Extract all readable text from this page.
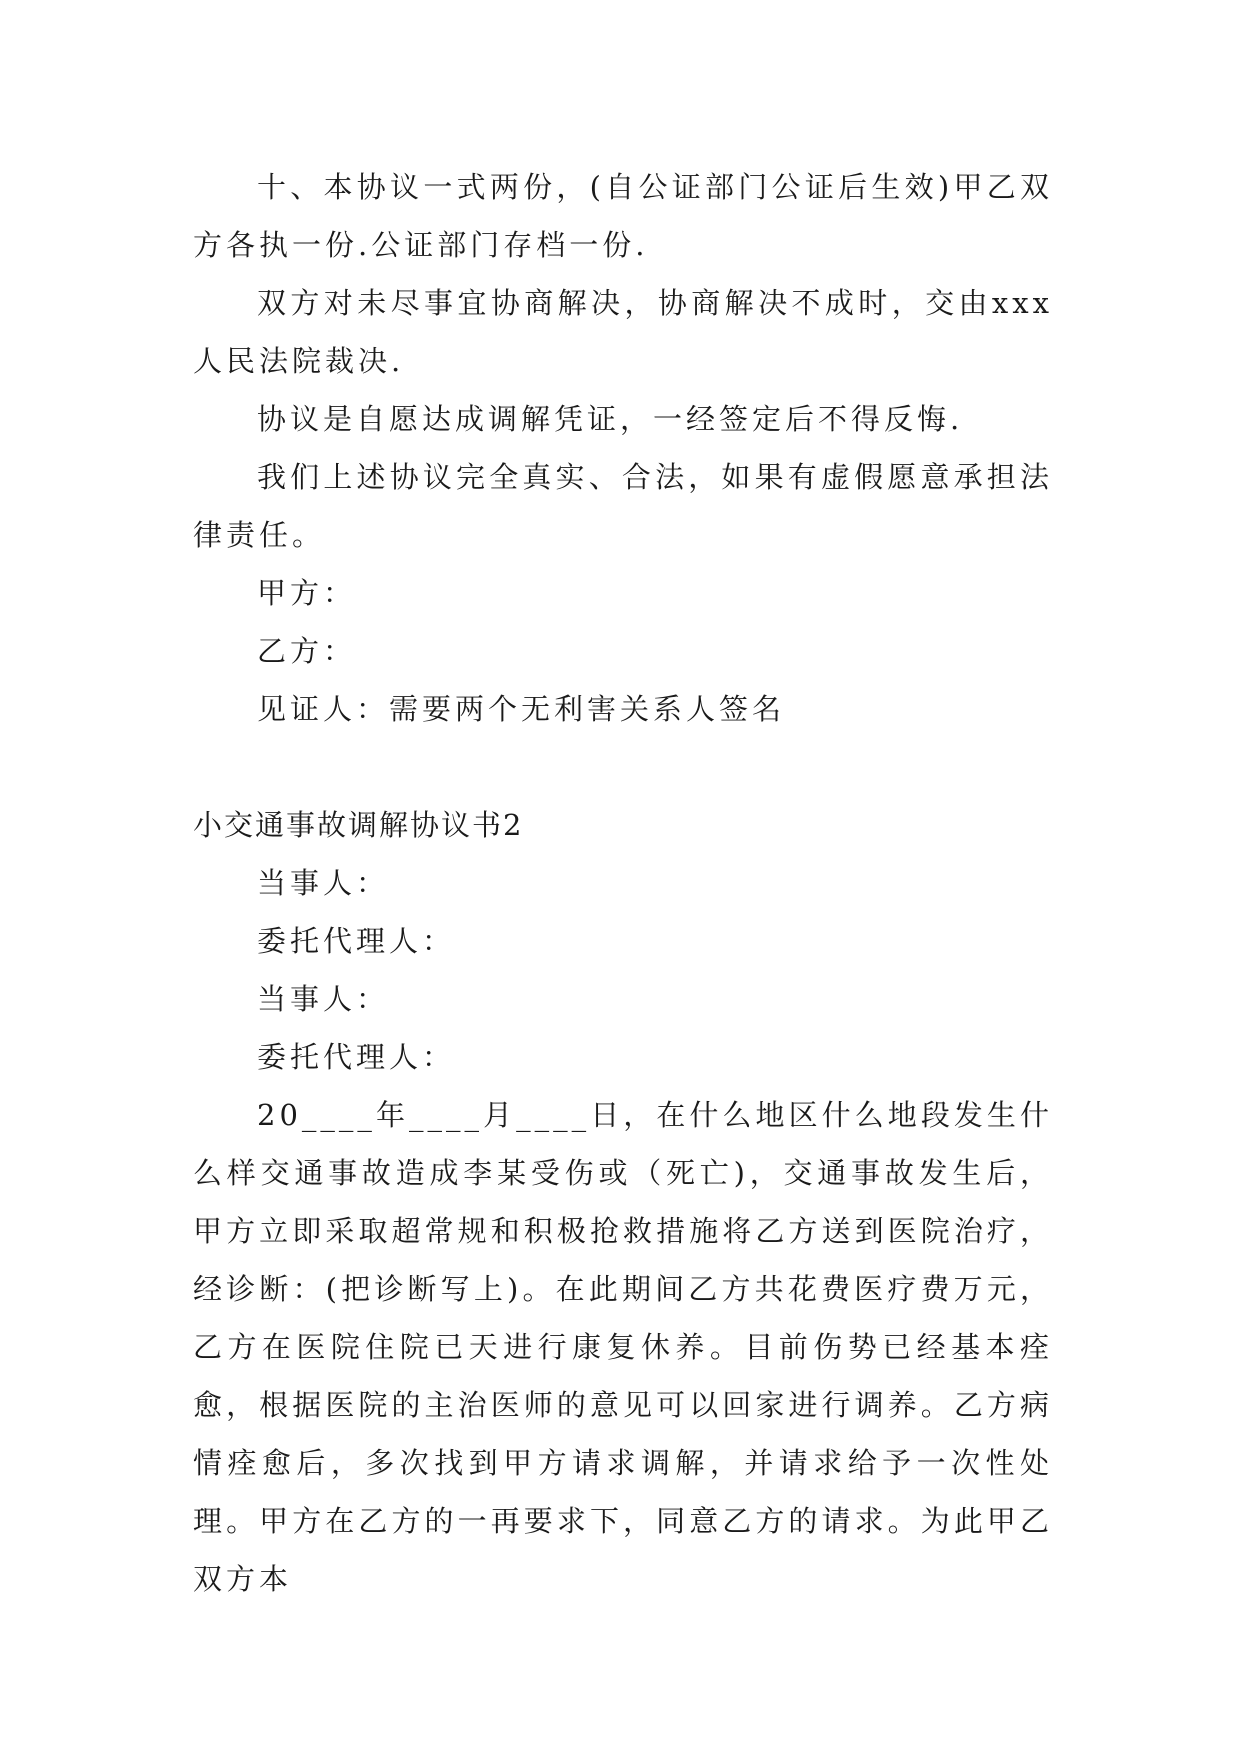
十、本协议一式两份，(自公证部门公证后生效)甲乙双方各执一份.公证部门存档一份.

双方对未尽事宜协商解决，协商解决不成时，交由xxx人民法院裁决.

协议是自愿达成调解凭证，一经签定后不得反悔.

我们上述协议完全真实、合法，如果有虚假愿意承担法律责任。

甲方：

乙方：

见证人：需要两个无利害关系人签名

小交通事故调解协议书2

当事人：

委托代理人：

当事人：

委托代理人：

20____年____月____日，在什么地区什么地段发生什么样交通事故造成李某受伤或（死亡)，交通事故发生后，甲方立即采取超常规和积极抢救措施将乙方送到医院治疗，经诊断：(把诊断写上)。在此期间乙方共花费医疗费万元，乙方在医院住院已天进行康复休养。目前伤势已经基本痊愈，根据医院的主治医师的意见可以回家进行调养。乙方病情痊愈后，多次找到甲方请求调解，并请求给予一次性处理。甲方在乙方的一再要求下，同意乙方的请求。为此甲乙双方本
